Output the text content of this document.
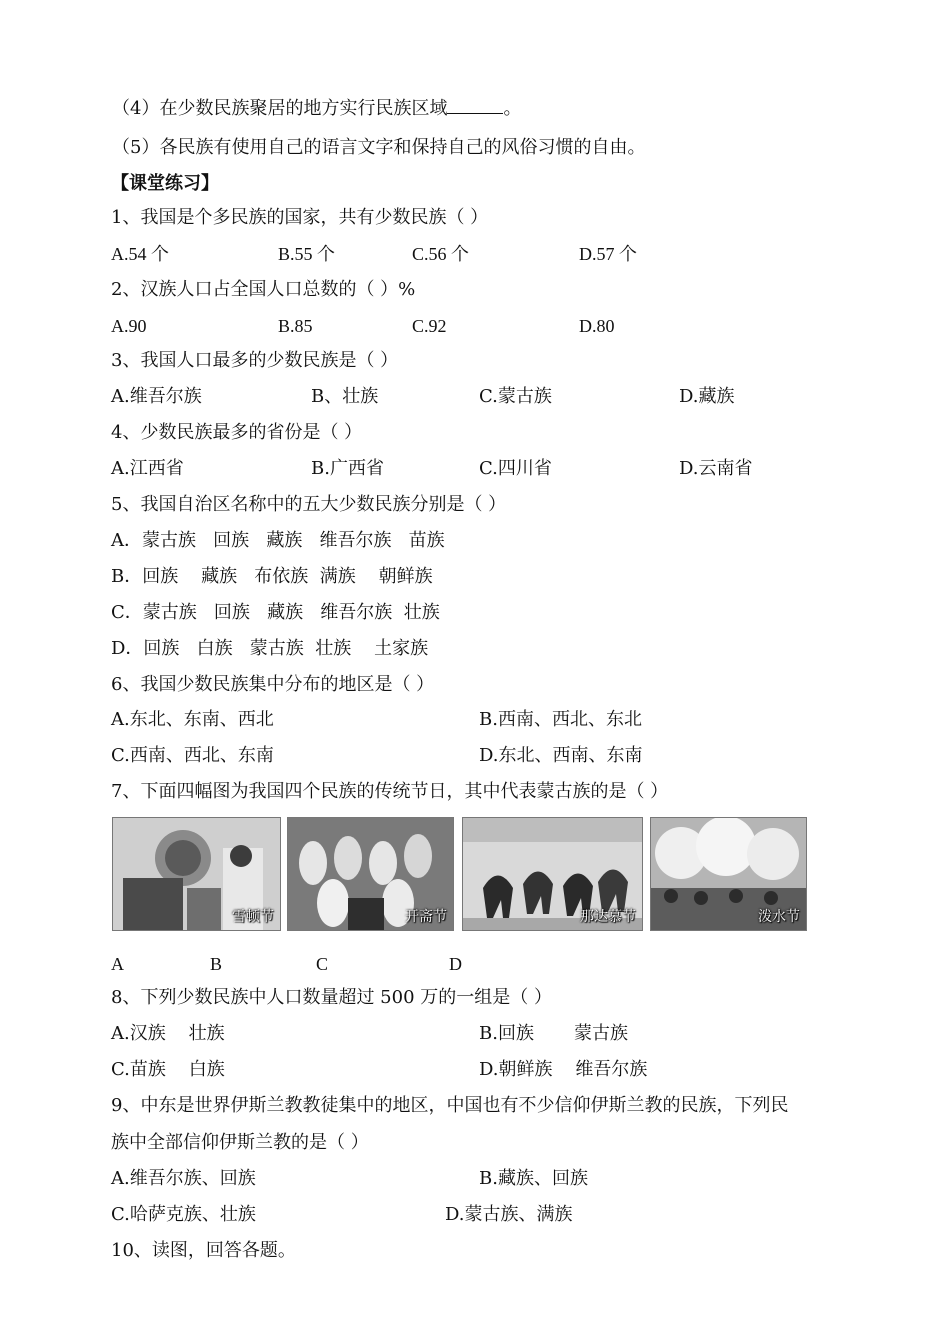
（4）在少数民族聚居的地方实行民族区域	。
（5）各民族有使用自己的语言文字和保持自己的风俗习惯的自由。
【课堂练习】
1、我国是个多民族的国家，共有少数民族（ ）
A.54 个	B.55 个	C.56 个	D.57 个
2、汉族人口占全国人口总数的（ ）%
A.90	B.85	C.92	D.80
3、我国人口最多的少数民族是（ ）
A.维吾尔族	B、壮族	C.蒙古族	D.藏族
4、少数民族最多的省份是（ ）
A.江西省	B.广西省	C.四川省	D.云南省
5、我国自治区名称中的五大少数民族分别是（ ）
A．蒙古族   回族   藏族   维吾尔族   苗族
B．回族    藏族   布依族  满族    朝鲜族
C．蒙古族   回族   藏族   维吾尔族  壮族
D．回族   白族   蒙古族  壮族    土家族
6、我国少数民族集中分布的地区是（ ）
A.东北、东南、西北	B.西南、西北、东北
C.西南、西北、东南	D.东北、西南、东南
7、下面四幅图为我国四个民族的传统节日，其中代表蒙古族的是（ ）
雪顿节	开斋节	那达慕节	泼水节
A	B	C	D
8、下列少数民族中人口数量超过 500 万的一组是（ ）
A.汉族    壮族	B.回族       蒙古族
C.苗族    白族	D.朝鲜族    维吾尔族
9、中东是世界伊斯兰教教徒集中的地区，中国也有不少信仰伊斯兰教的民族，下列民
族中全部信仰伊斯兰教的是（ ）
A.维吾尔族、回族	B.藏族、回族
C.哈萨克族、壮族	D.蒙古族、满族
10、读图，回答各题。
